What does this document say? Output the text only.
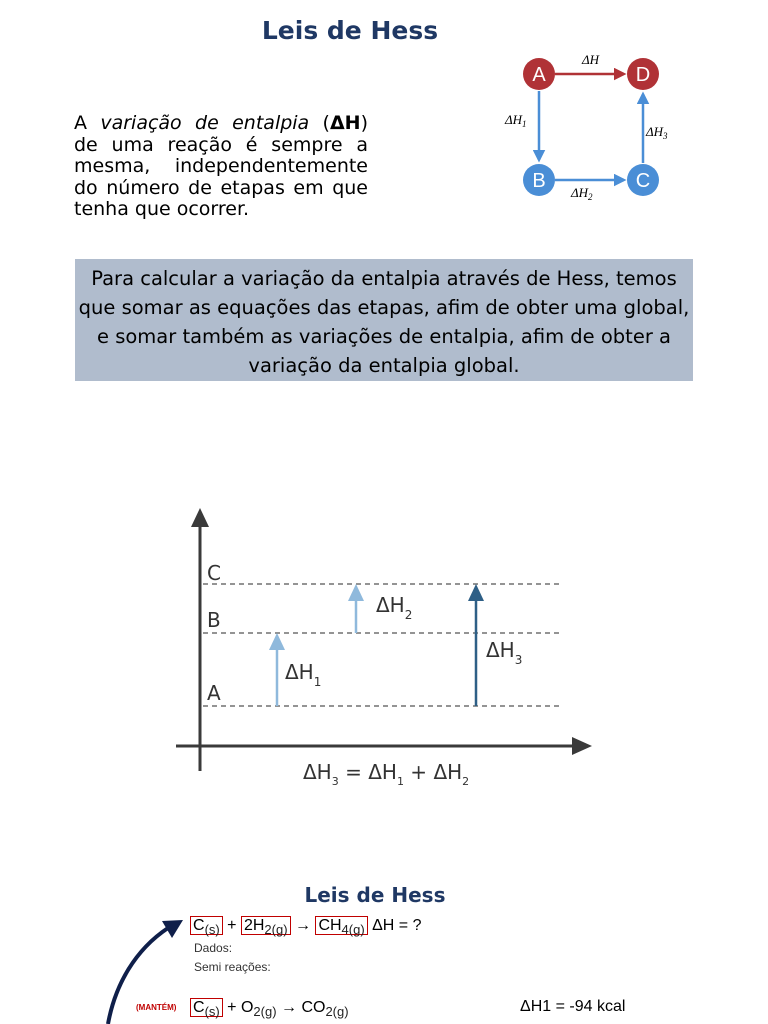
Leis de Hess
A variação de entalpia (ΔH) de uma reação é sempre a mesma, independentemente do número de etapas em que tenha que ocorrer.
A	D
B	C
ΔH
$\Delta H_1$
$\Delta H_2$
$\Delta H_3$
Para calcular a variação da entalpia através de Hess, temos que somar as equações das etapas, afim de obter uma global, e somar também as variações de entalpia, afim de obter a variação da entalpia global.
C
B
A
$\Delta H_1$
$\Delta H_2$
$\Delta H_3$
$\Delta H_3 = \Delta H_1 + \Delta H_2$
Leis de Hess
$C_{(s)} + 2H_{2(g)} \to CH_{4(g)}$ ΔH = ?
Dados:
Semi reações:
(MANTÉM) $C_{(s)} + O_{2(g)} \to CO_{2(g)}$	ΔH1 = -94 kcal
